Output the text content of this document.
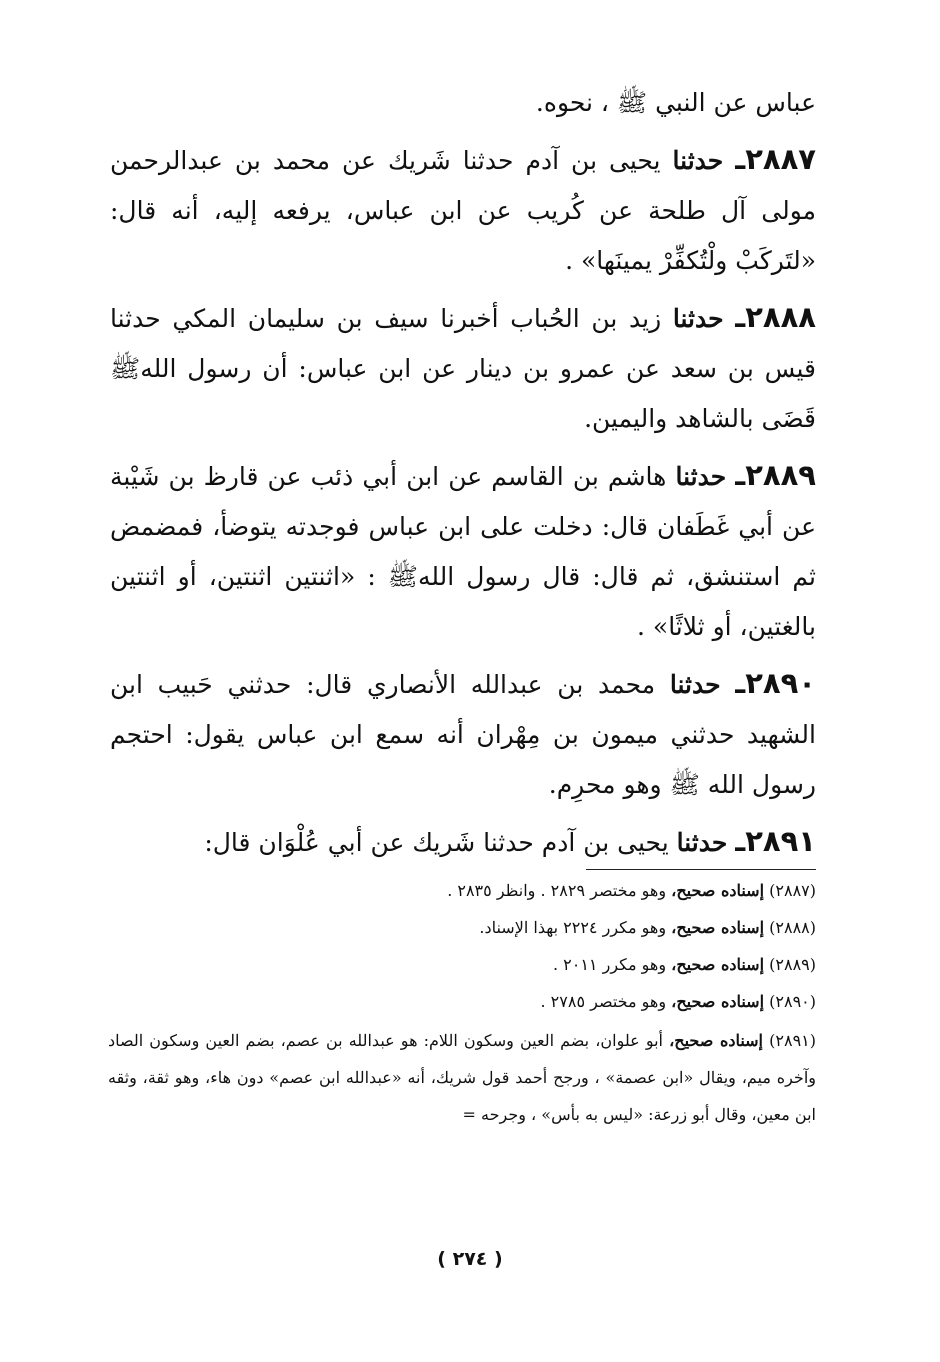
عباس عن النبي ﷺ ، نحوه.

٢٨٨٧ـ حدثنا يحيى بن آدم حدثنا شَريك عن محمد بن عبدالرحمن مولى آل طلحة عن كُريب عن ابن عباس، يرفعه إليه، أنه قال: «لتَركَبْ ولْتُكفِّرْ يمينَها» .

٢٨٨٨ـ حدثنا زيد بن الحُباب أخبرنا سيف بن سليمان المكي حدثنا قيس بن سعد عن عمرو بن دينار عن ابن عباس: أن رسول اللهﷺ قَضَى بالشاهد واليمين.

٢٨٨٩ـ حدثنا هاشم بن القاسم عن ابن أبي ذئب عن قارظ بن شَيْبة عن أبي غَطَفان قال: دخلت على ابن عباس فوجدته يتوضأ، فمضمض ثم استنشق، ثم قال: قال رسول اللهﷺ : «اثنتين اثنتين، أو اثنتين بالغتين، أو ثلاثًا» .

٢٨٩٠ـ حدثنا محمد بن عبدالله الأنصاري قال: حدثني حَبيب ابن الشهيد حدثني ميمون بن مِهْران أنه سمع ابن عباس يقول: احتجم رسول الله ﷺ وهو محرِم.

٢٨٩١ـ حدثنا يحيى بن آدم حدثنا شَريك عن أبي عُلْوَان قال:

(٢٨٨٧) إسناده صحيح، وهو مختصر ٢٨٢٩ . وانظر ٢٨٣٥ .

(٢٨٨٨) إسناده صحيح، وهو مكرر ٢٢٢٤ بهذا الإسناد.

(٢٨٨٩) إسناده صحيح، وهو مكرر ٢٠١١ .

(٢٨٩٠) إسناده صحيح، وهو مختصر ٢٧٨٥ .

(٢٨٩١) إسناده صحيح، أبو علوان، بضم العين وسكون اللام: هو عبدالله بن عصم، بضم العين وسكون الصاد وآخره ميم، ويقال «ابن عصمة» ، ورجح أحمد قول شريك، أنه «عبدالله ابن عصم» دون هاء، وهو ثقة، وثقه ابن معين، وقال أبو زرعة: «ليس به بأس» ، وجرحه =

( ٢٧٤ )
